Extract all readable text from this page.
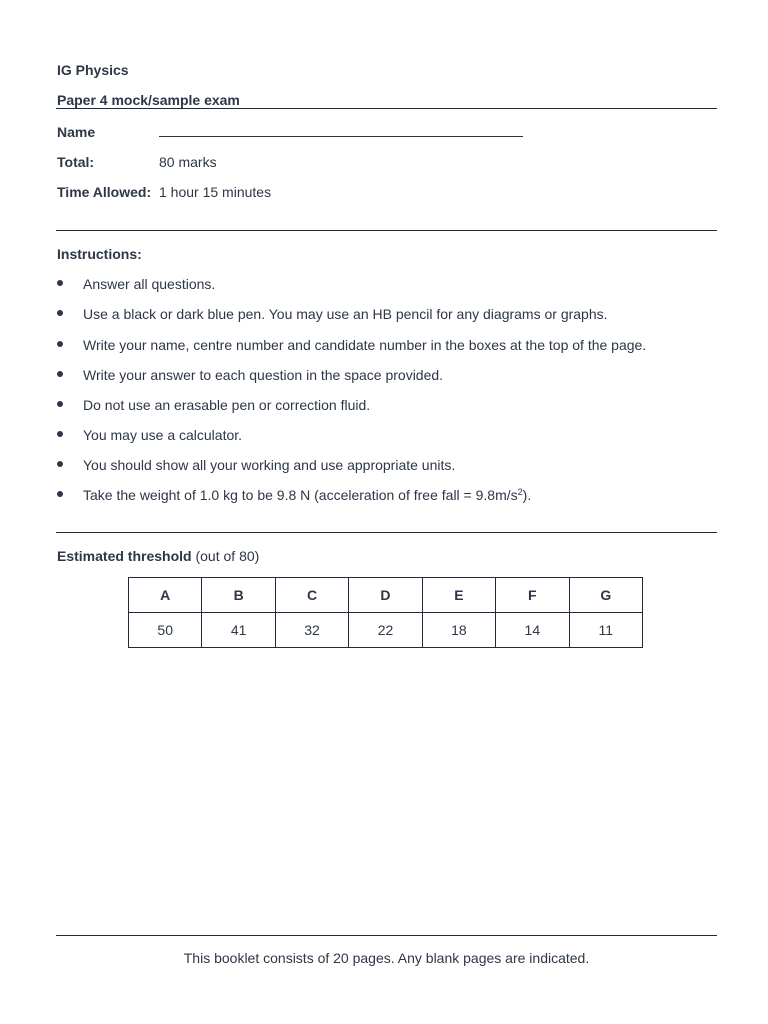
IG Physics
Paper 4 mock/sample exam
Name
Total:	80 marks
Time Allowed: 1 hour 15 minutes
Instructions:
Answer all questions.
Use a black or dark blue pen. You may use an HB pencil for any diagrams or graphs.
Write your name, centre number and candidate number in the boxes at the top of the page.
Write your answer to each question in the space provided.
Do not use an erasable pen or correction fluid.
You may use a calculator.
You should show all your working and use appropriate units.
Take the weight of 1.0 kg to be 9.8 N (acceleration of free fall = $9.8m/s^2$).
Estimated threshold (out of 80)
A	B	C	D	E	F	G
50	41	32	22	18	14	11
This booklet consists of 20 pages. Any blank pages are indicated.
